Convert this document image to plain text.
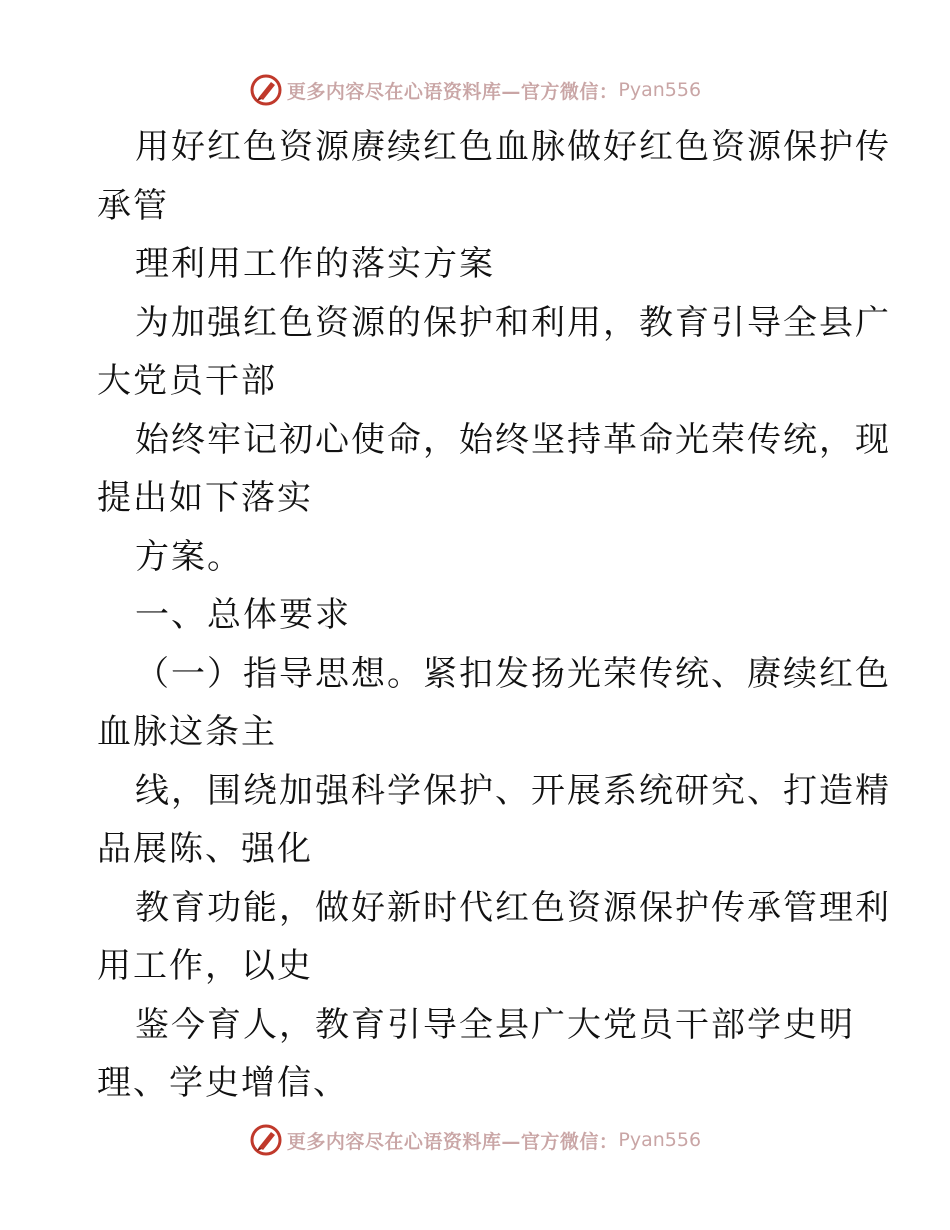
更多内容尽在心语资料库—官方微信： Pyan556
用好红色资源赓续红色血脉做好红色资源保护传
承管
理利用工作的落实方案
为加强红色资源的保护和利用，教育引导全县广
大党员干部
始终牢记初心使命，始终坚持革命光荣传统，现
提出如下落实
方案。
一、总体要求
（一）指导思想。紧扣发扬光荣传统、赓续红色
血脉这条主
线，围绕加强科学保护、开展系统研究、打造精
品展陈、强化
教育功能，做好新时代红色资源保护传承管理利
用工作，以史
鉴今育人，教育引导全县广大党员干部学史明
理、学史增信、
更多内容尽在心语资料库—官方微信： Pyan556
